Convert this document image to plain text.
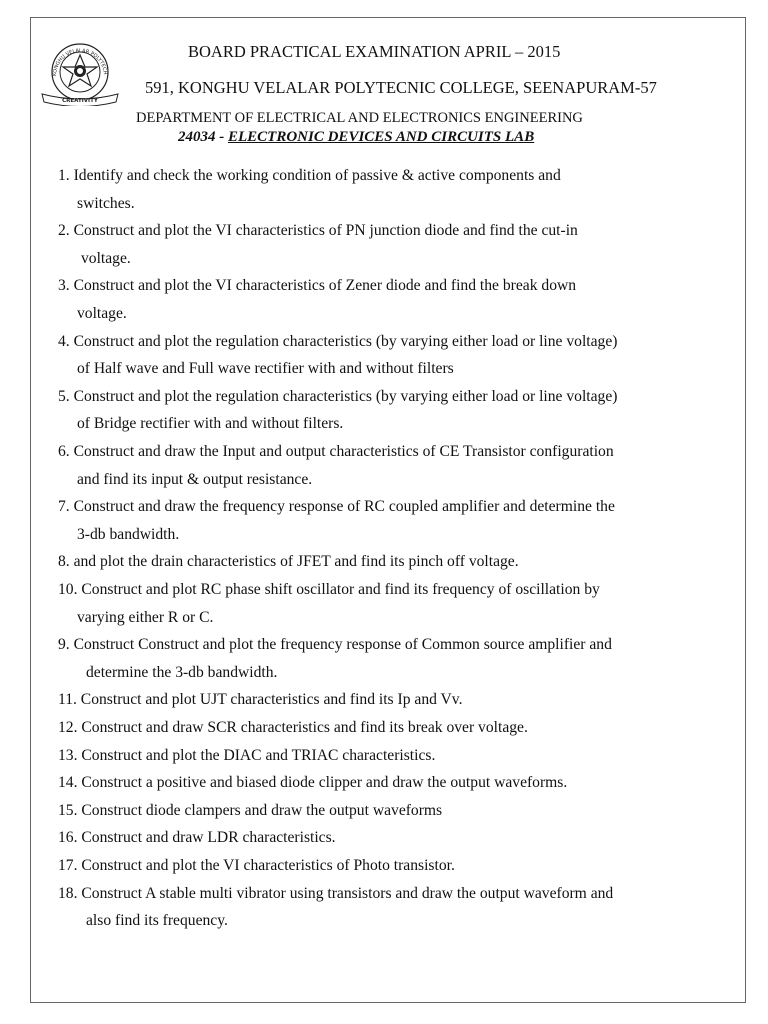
KONGHU VELALAR POLYTECH
CREATIVITY
BOARD PRACTICAL EXAMINATION APRIL – 2015
591, KONGHU VELALAR POLYTECNIC COLLEGE, SEENAPURAM-57
DEPARTMENT OF ELECTRICAL AND ELECTRONICS ENGINEERING
24034 - ELECTRONIC DEVICES AND CIRCUITS LAB
1. Identify and check the working condition of passive & active components and
switches.
2. Construct and plot the VI characteristics of PN junction diode and find the cut-in
voltage.
3. Construct and plot the VI characteristics of Zener diode and find the break down
voltage.
4. Construct and plot the regulation characteristics (by varying either load or line voltage)
of Half wave and Full wave rectifier with and without filters
5. Construct and plot the regulation characteristics (by varying either load or line voltage)
of Bridge rectifier with and without filters.
6. Construct and draw the Input and output characteristics of CE Transistor configuration
and find its input & output resistance.
7. Construct and draw the frequency response of RC coupled amplifier and determine the
3-db bandwidth.
8. and plot the drain characteristics of JFET and find its pinch off voltage.
10. Construct and plot RC phase shift oscillator and find its frequency of oscillation by
varying either R or C.
9. Construct Construct and plot the frequency response of Common source amplifier and
determine the 3-db bandwidth.
11. Construct and plot UJT characteristics and find its Ip and Vv.
12. Construct and draw SCR characteristics and find its break over voltage.
13. Construct and plot the DIAC and TRIAC characteristics.
14. Construct a positive and biased diode clipper and draw the output waveforms.
15. Construct diode clampers and draw the output waveforms
16. Construct and draw LDR characteristics.
17. Construct and plot the VI characteristics of Photo transistor.
18. Construct A stable multi vibrator using transistors and draw the output waveform and
also find its frequency.
